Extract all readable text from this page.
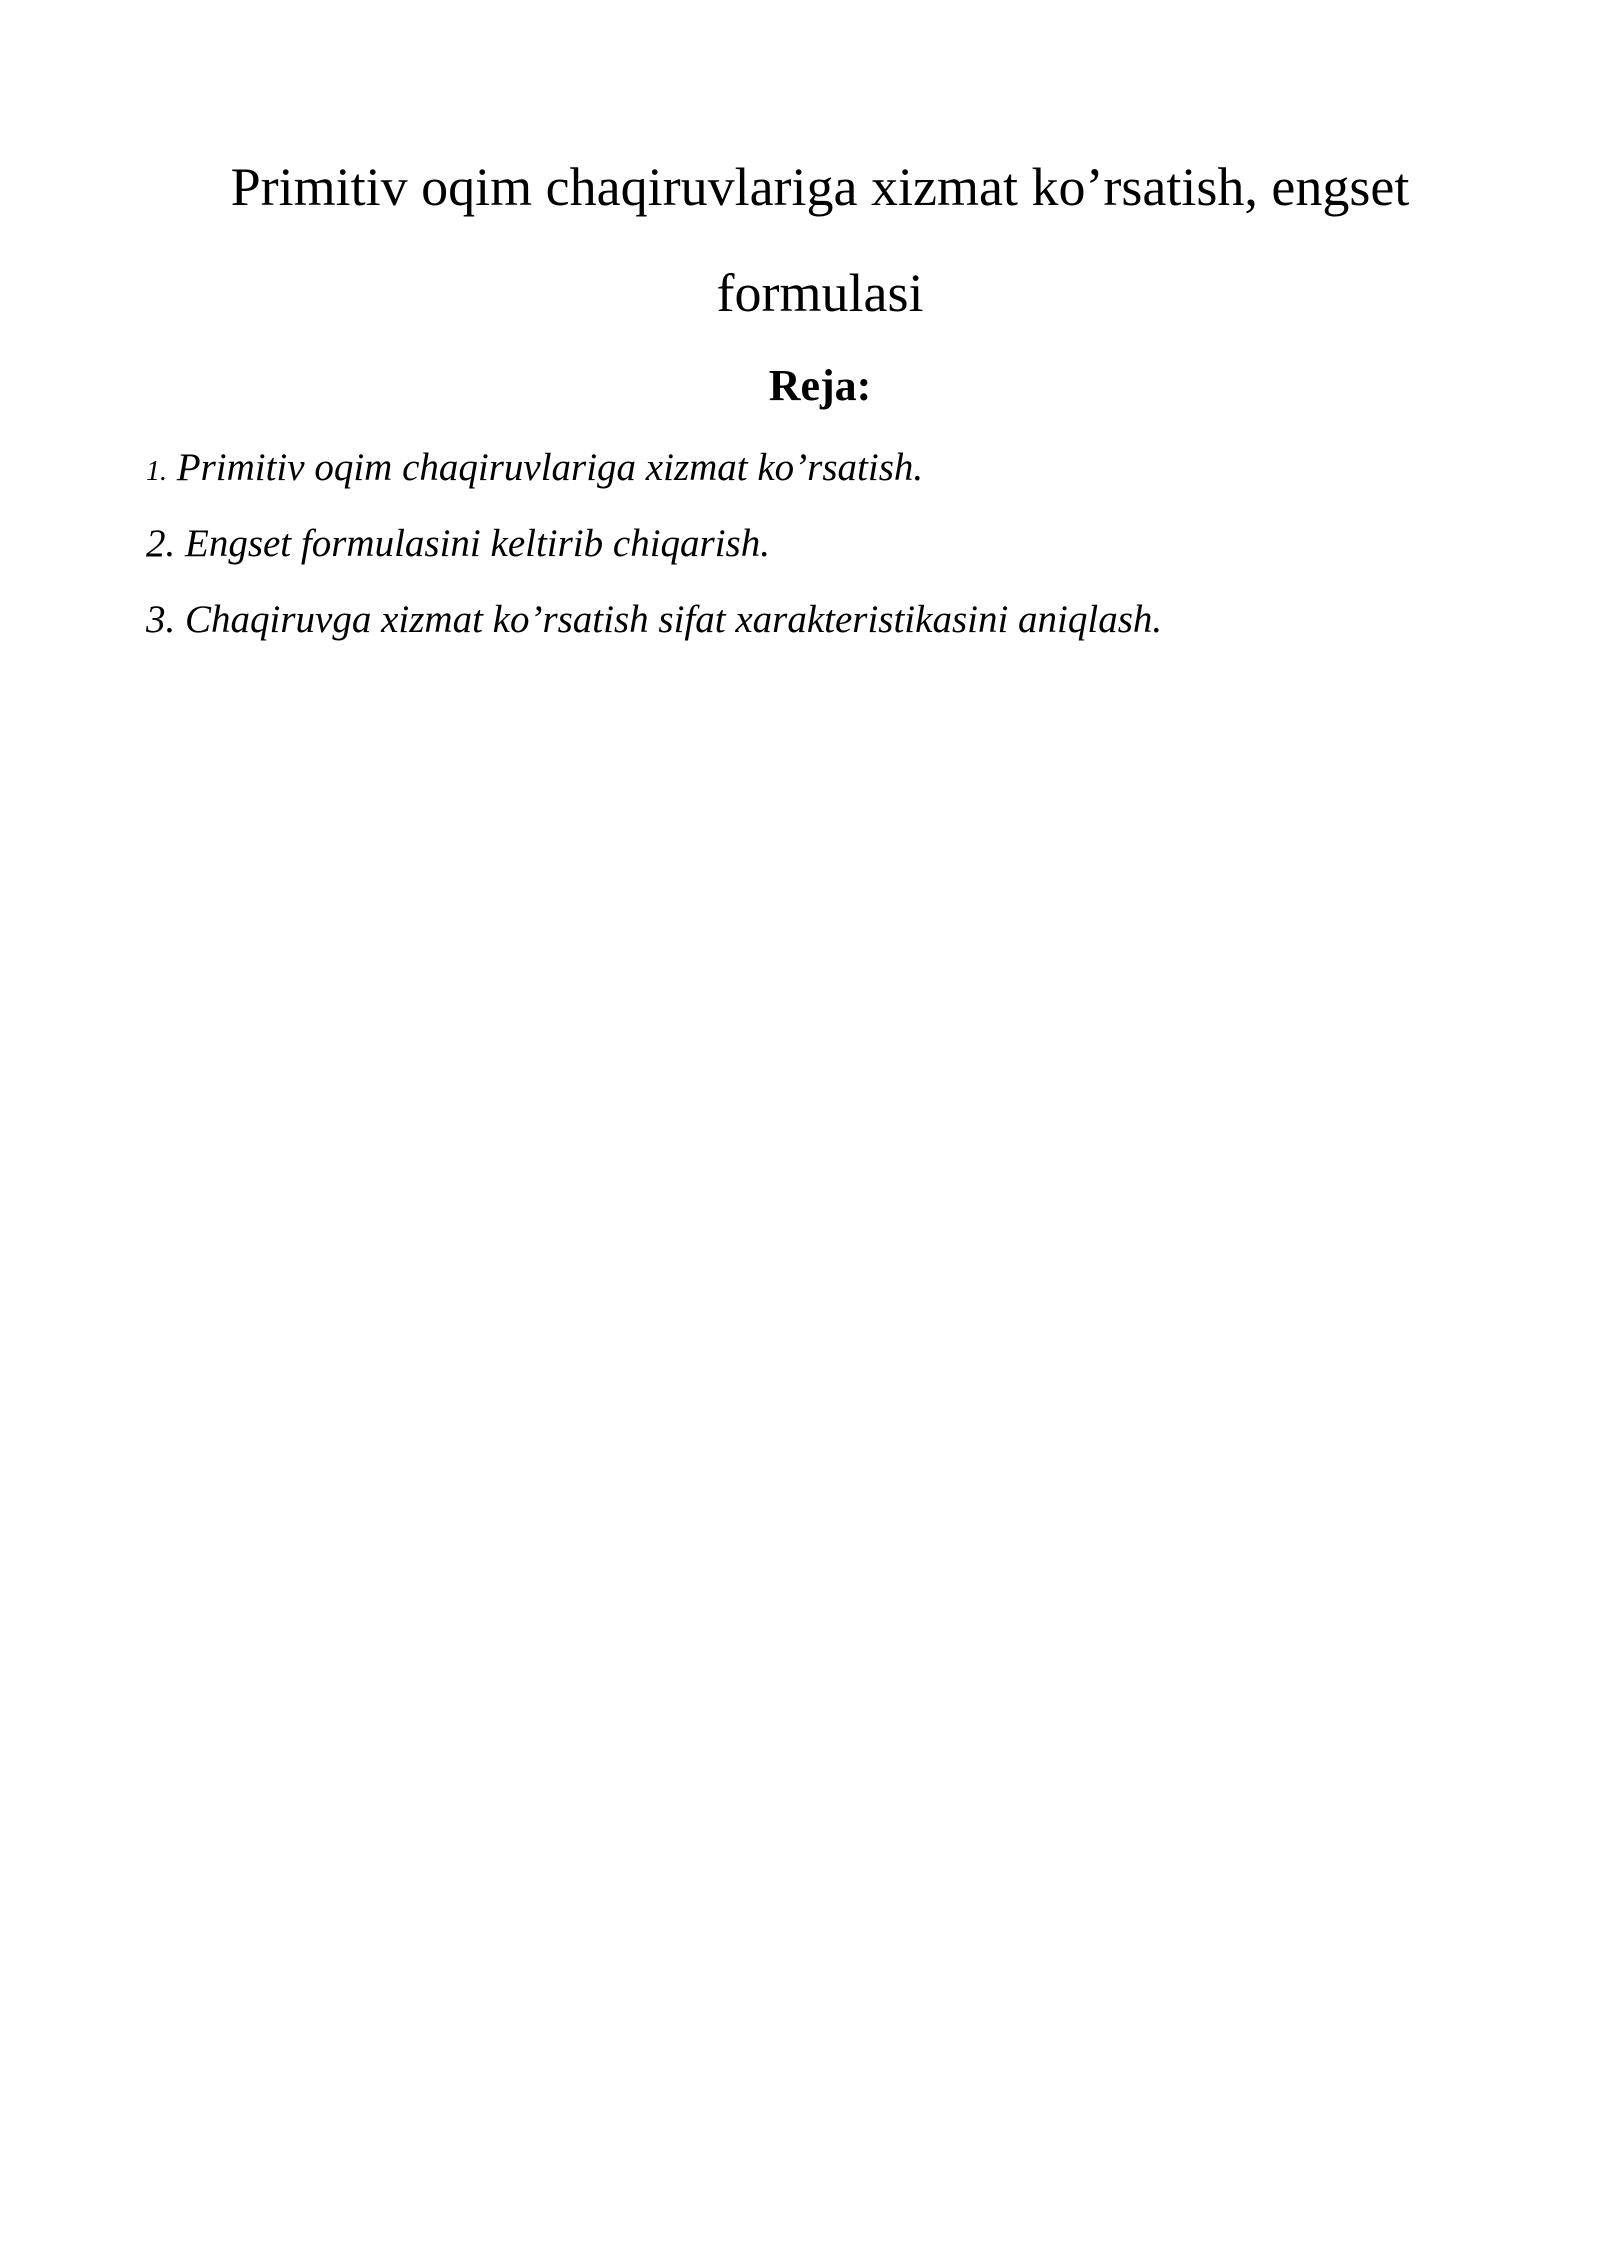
Primitiv oqim chaqiruvlariga xizmat ko’rsatish, engset
formulasi
Reja:
1. Primitiv oqim chaqiruvlariga xizmat ko’rsatish.
2. Engset formulasini keltirib chiqarish.
3. Chaqiruvga xizmat ko’rsatish sifat xarakteristikasini aniqlash.
